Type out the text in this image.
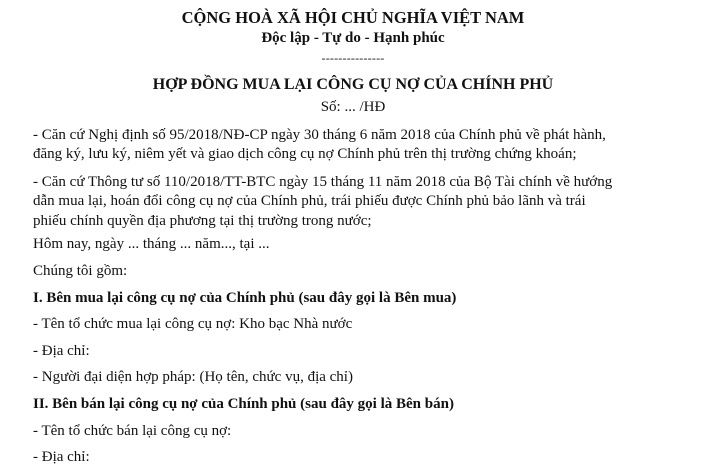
CỘNG HOÀ XÃ HỘI CHỦ NGHĨA VIỆT NAM
Độc lập - Tự do - Hạnh phúc
---------------
HỢP ĐỒNG MUA LẠI CÔNG CỤ NỢ CỦA CHÍNH PHỦ
Số: ... /HĐ
- Căn cứ Nghị định số 95/2018/NĐ-CP ngày 30 tháng 6 năm 2018 của Chính phủ về phát hành,
đăng ký, lưu ký, niêm yết và giao dịch công cụ nợ Chính phủ trên thị trường chứng khoán;
- Căn cứ Thông tư số 110/2018/TT-BTC ngày 15 tháng 11 năm 2018 của Bộ Tài chính về hướng
dẫn mua lại, hoán đổi công cụ nợ của Chính phủ, trái phiếu được Chính phủ bảo lãnh và trái
phiếu chính quyền địa phương tại thị trường trong nước;
Hôm nay, ngày ... tháng ... năm..., tại ...
Chúng tôi gồm:
I. Bên mua lại công cụ nợ của Chính phủ (sau đây gọi là Bên mua)
- Tên tổ chức mua lại công cụ nợ: Kho bạc Nhà nước
- Địa chỉ:
- Người đại diện hợp pháp: (Họ tên, chức vụ, địa chỉ)
II. Bên bán lại công cụ nợ của Chính phủ (sau đây gọi là Bên bán)
- Tên tổ chức bán lại công cụ nợ:
- Địa chỉ:
